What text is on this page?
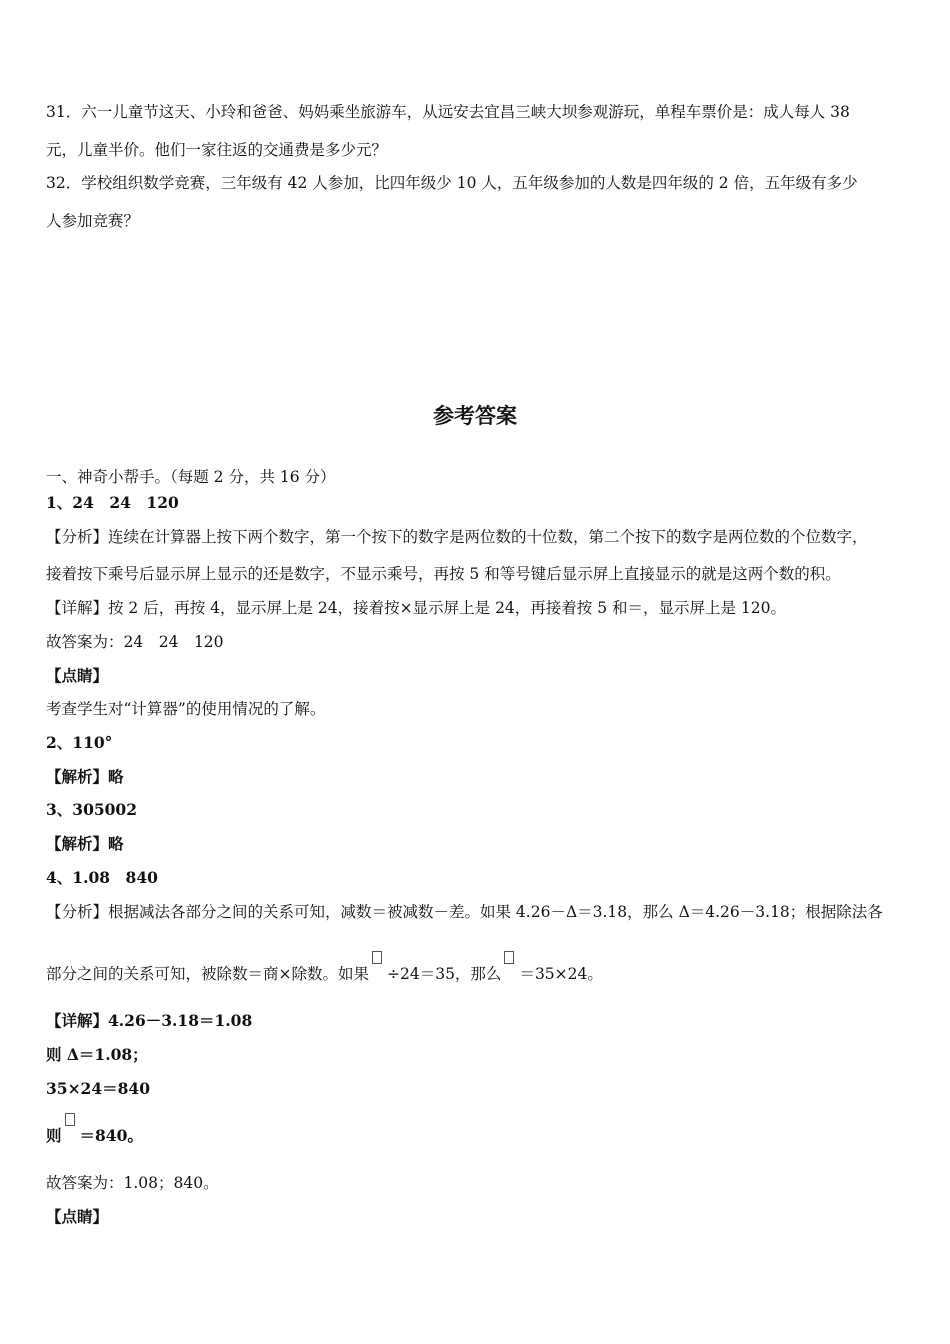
31．六一儿童节这天、小玲和爸爸、妈妈乘坐旅游车，从远安去宜昌三峡大坝参观游玩，单程车票价是：成人每人 38
元，儿童半价。他们一家往返的交通费是多少元？
32．学校组织数学竞赛，三年级有 42 人参加，比四年级少 10 人，五年级参加的人数是四年级的 2 倍，五年级有多少
人参加竞赛？
参考答案
一、神奇小帮手。（每题 2 分，共 16 分）
1、24　24　120
【分析】连续在计算器上按下两个数字，第一个按下的数字是两位数的十位数，第二个按下的数字是两位数的个位数字，
接着按下乘号后显示屏上显示的还是数字，不显示乘号，再按 5 和等号键后显示屏上直接显示的就是这两个数的积。
【详解】按 2 后，再按 4，显示屏上是 24，接着按×显示屏上是 24，再接着按 5 和＝，显示屏上是 120。
故答案为：24　24　120
【点睛】
考查学生对“计算器”的使用情况的了解。
2、110°
【解析】略
3、305002
【解析】略
4、1.08　840
【分析】根据减法各部分之间的关系可知，减数＝被减数－差。如果 4.26－Δ＝3.18，那么 Δ＝4.26－3.18；根据除法各
部分之间的关系可知，被除数＝商×除数。如果 ÷24＝35，那么 ＝35×24。
【详解】4.26－3.18＝1.08
则 Δ＝1.08；
35×24＝840
则 ＝840。
故答案为：1.08；840。
【点睛】
